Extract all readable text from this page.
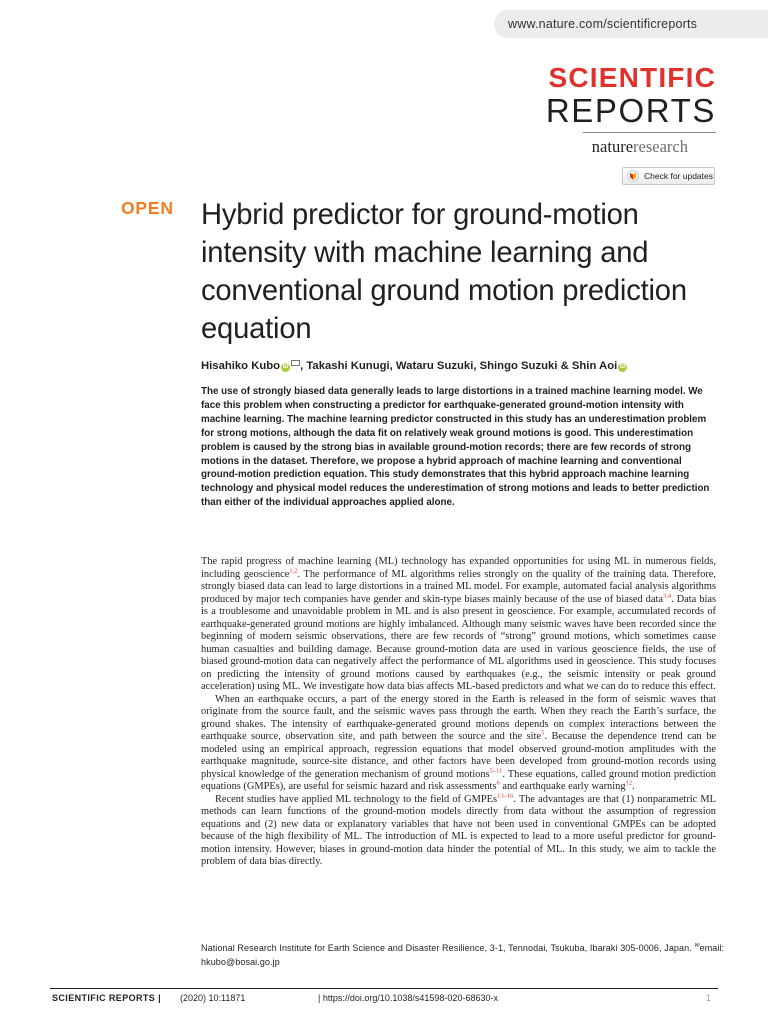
www.nature.com/scientificreports
SCIENTIFIC
REPORTS
natureresearch
Check for updates
OPEN Hybrid predictor for ground-motion intensity with machine learning and conventional ground motion prediction equation
Hisahiko Kubo iD , Takashi Kunugi, Wataru Suzuki, Shingo Suzuki & Shin Aoi iD

The use of strongly biased data generally leads to large distortions in a trained machine learning model. We face this problem when constructing a predictor for earthquake-generated ground-motion intensity with machine learning. The machine learning predictor constructed in this study has an underestimation problem for strong motions, although the data fit on relatively weak ground motions is good. This underestimation problem is caused by the strong bias in available ground-motion records; there are few records of strong motions in the dataset. Therefore, we propose a hybrid approach of machine learning and conventional ground-motion prediction equation. This study demonstrates that this hybrid approach machine learning technology and physical model reduces the underestimation of strong motions and leads to better prediction than either of the individual approaches applied alone.

The rapid progress of machine learning (ML) technology has expanded opportunities for using ML in numerous fields, including geoscience$^{1,2}$. The performance of ML algorithms relies strongly on the quality of the training data. Therefore, strongly biased data can lead to large distortions in a trained ML model. For example, automated facial analysis algorithms produced by major tech companies have gender and skin-type biases mainly because of the use of biased data$^{3,4}$. Data bias is a troublesome and unavoidable problem in ML and is also present in geoscience. For example, accumulated records of earthquake-generated ground motions are highly imbalanced. Although many seismic waves have been recorded since the beginning of modern seismic observations, there are few records of “strong” ground motions, which sometimes cause human casualties and building damage. Because ground-motion data are used in various geoscience fields, the use of biased ground-motion data can negatively affect the performance of ML algorithms used in geoscience. This study focuses on predicting the intensity of ground motions caused by earthquakes (e.g., the seismic intensity or peak ground acceleration) using ML. We investigate how data bias affects ML-based predictors and what we can do to reduce this effect.

When an earthquake occurs, a part of the energy stored in the Earth is released in the form of seismic waves that originate from the source fault, and the seismic waves pass through the earth. When they reach the Earth’s surface, the ground shakes. The intensity of earthquake-generated ground motions depends on complex interactions between the earthquake source, observation site, and path between the source and the site$^5$. Because the dependence trend can be modeled using an empirical approach, regression equations that model observed ground-motion amplitudes with the earthquake magnitude, source-site distance, and other factors have been developed from ground-motion records using physical knowledge of the generation mechanism of ground motions$^{5-11}$. These equations, called ground motion prediction equations (GMPEs), are useful for seismic hazard and risk assessments$^6$ and earthquake early warning$^{12}$.

Recent studies have applied ML technology to the field of GMPEs$^{13-16}$. The advantages are that (1) nonparametric ML methods can learn functions of the ground-motion models directly from data without the assumption of regression equations and (2) new data or explanatory variables that have not been used in conventional GMPEs can be adopted because of the high flexibility of ML. The introduction of ML is expected to lead to a more useful predictor for ground-motion intensity. However, biases in ground-motion data hinder the potential of ML. In this study, we aim to tackle the problem of data bias directly.

National Research Institute for Earth Science and Disaster Resilience, 3-1, Tennodai, Tsukuba, Ibaraki 305-0006, Japan. ✉email: hkubo@bosai.go.jp
SCIENTIFIC REPORTS | (2020) 10:11871	| https://doi.org/10.1038/s41598-020-68630-x	1
